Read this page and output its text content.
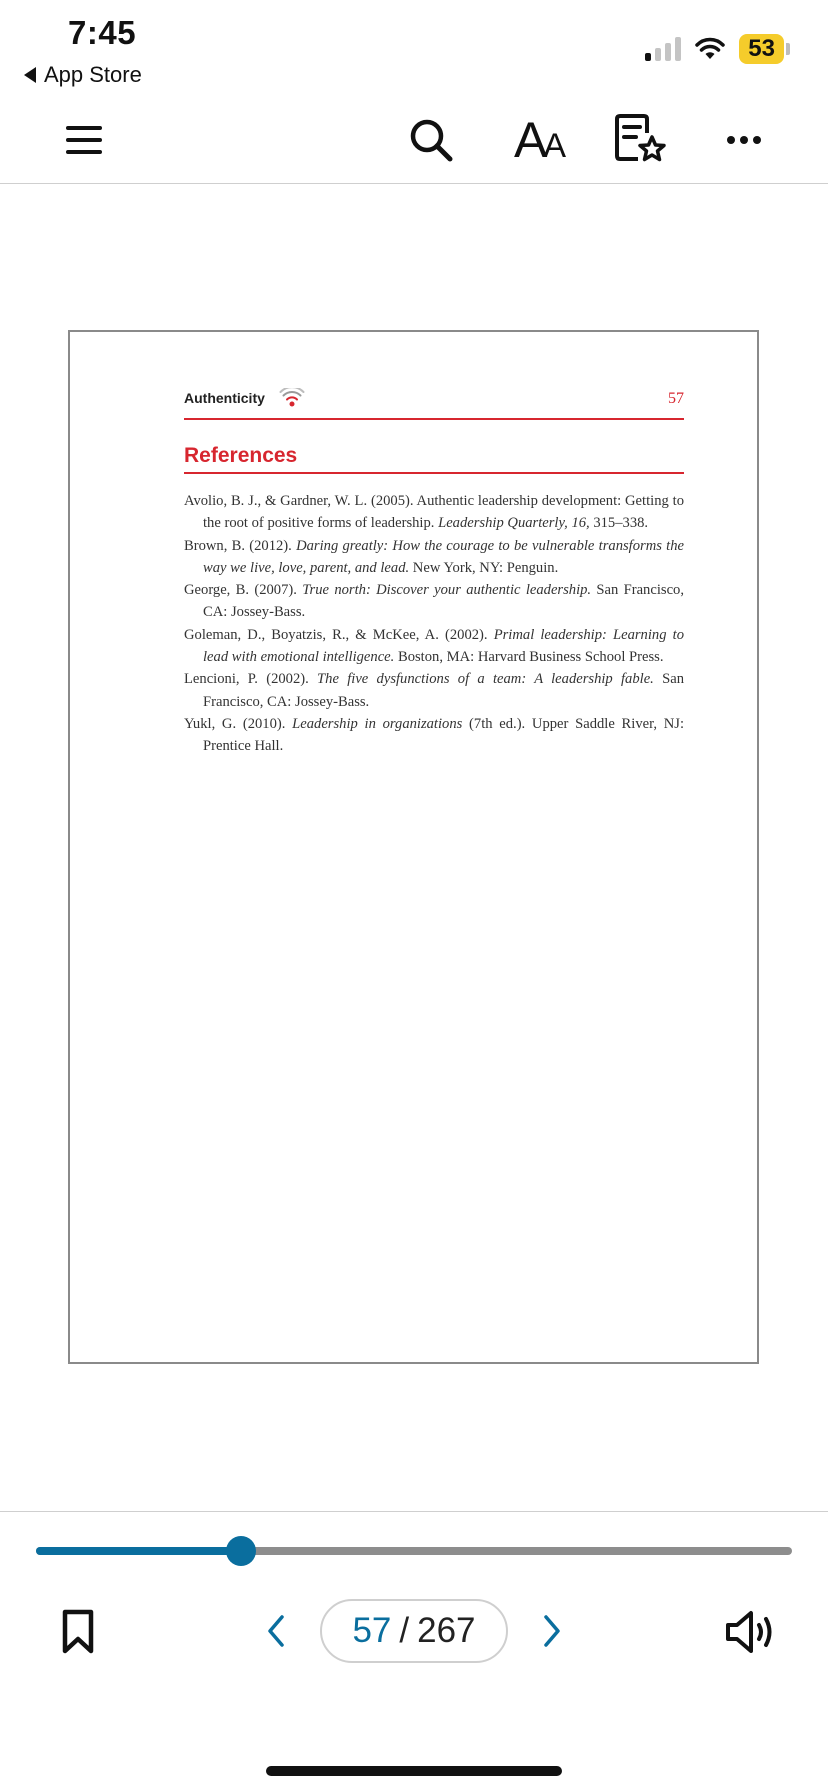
7:45
App Store
53
AA
Authenticity	57
References
Avolio, B. J., & Gardner, W. L. (2005). Authentic leadership development: Getting to the root of positive forms of leadership. Leadership Quarterly, 16, 315–338.
Brown, B. (2012). Daring greatly: How the courage to be vulnerable transforms the way we live, love, parent, and lead. New York, NY: Penguin.
George, B. (2007). True north: Discover your authentic leadership. San Francisco, CA: Jossey-Bass.
Goleman, D., Boyatzis, R., & McKee, A. (2002). Primal leadership: Learning to lead with emotional intelligence. Boston, MA: Harvard Business School Press.
Lencioni, P. (2002). The five dysfunctions of a team: A leadership fable. San Francisco, CA: Jossey-Bass.
Yukl, G. (2010). Leadership in organizations (7th ed.). Upper Saddle River, NJ: Prentice Hall.
57 / 267
